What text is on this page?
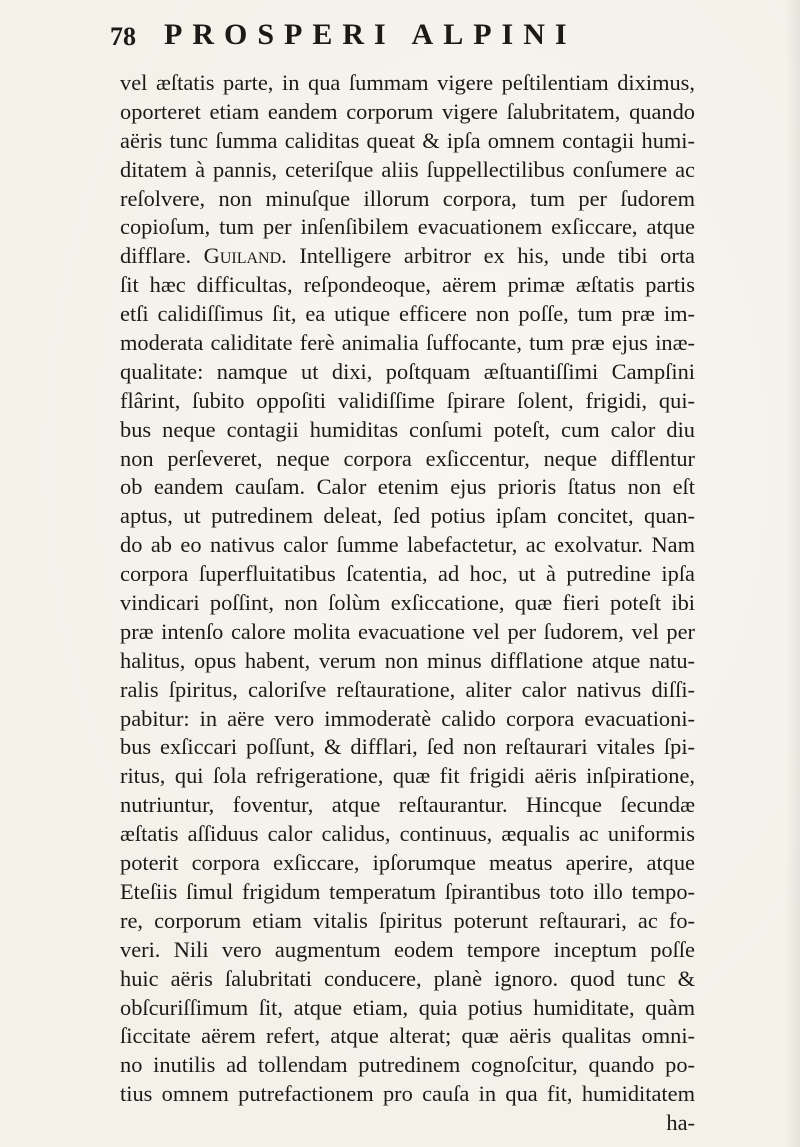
78 PROSPERI ALPINI
vel æſtatis parte, in qua ſummam vigere peſtilentiam diximus,
oporteret etiam eandem corporum vigere ſalubritatem, quando
aëris tunc ſumma caliditas queat & ipſa omnem contagii humi-
ditatem à pannis, ceteriſque aliis ſuppellectilibus conſumere ac
reſolvere, non minuſque illorum corpora, tum per ſudorem
copioſum, tum per inſenſibilem evacuationem exſiccare, atque
difflare. Guiland. Intelligere arbitror ex his, unde tibi orta
ſit hæc difficultas, reſpondeoque, aërem primæ æſtatis partis
etſi calidiſſimus ſit, ea utique efficere non poſſe, tum præ im-
moderata caliditate ferè animalia ſuffocante, tum præ ejus inæ-
qualitate: namque ut dixi, poſtquam æſtuantiſſimi Campſini
flârint, ſubito oppoſiti validiſſime ſpirare ſolent, frigidi, qui-
bus neque contagii humiditas conſumi poteſt, cum calor diu
non perſeveret, neque corpora exſiccentur, neque difflentur
ob eandem cauſam. Calor etenim ejus prioris ſtatus non eſt
aptus, ut putredinem deleat, ſed potius ipſam concitet, quan-
do ab eo nativus calor ſumme labefactetur, ac exolvatur. Nam
corpora ſuperfluitatibus ſcatentia, ad hoc, ut à putredine ipſa
vindicari poſſint, non ſolùm exſiccatione, quæ fieri poteſt ibi
præ intenſo calore molita evacuatione vel per ſudorem, vel per
halitus, opus habent, verum non minus difflatione atque natu-
ralis ſpiritus, caloriſve reſtauratione, aliter calor nativus diſſi-
pabitur: in aëre vero immoderatè calido corpora evacuationi-
bus exſiccari poſſunt, & difflari, ſed non reſtaurari vitales ſpi-
ritus, qui ſola refrigeratione, quæ fit frigidi aëris inſpiratione,
nutriuntur, foventur, atque reſtaurantur. Hincque ſecundæ
æſtatis aſſiduus calor calidus, continuus, æqualis ac uniformis
poterit corpora exſiccare, ipſorumque meatus aperire, atque
Eteſiis ſimul frigidum temperatum ſpirantibus toto illo tempo-
re, corporum etiam vitalis ſpiritus poterunt reſtaurari, ac fo-
veri. Nili vero augmentum eodem tempore inceptum poſſe
huic aëris ſalubritati conducere, planè ignoro. quod tunc &
obſcuriſſimum ſit, atque etiam, quia potius humiditate, quàm
ſiccitate aërem refert, atque alterat; quæ aëris qualitas omni-
no inutilis ad tollendam putredinem cognoſcitur, quando po-
tius omnem putrefactionem pro cauſa in qua fit, humiditatem
ha-
